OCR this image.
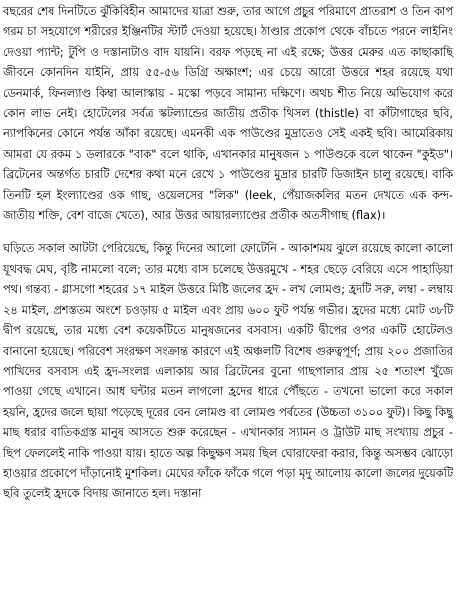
বছরের শেষ দিনটিতে ঝুঁকিবিহীন আমাদের যাত্রা শুরু, তার আগে প্রচুর পরিমাণে প্রাতরাশ ও তিন কাপ গরম চা সহযোগে শরীরের ইঞ্জিনটির স্টার্ট দেওয়া হয়েছে। ঠাণ্ডার প্রকোপ থেকে বাঁচতে পরনে লাইনিং দেওয়া প্যান্ট; টুপি ও দস্তানাটাও বাদ যায়নি। বরফ পড়ছে না এই রক্ষে; উত্তর মেরুর এত কাছাকাছি জীবনে কোনদিন যাইনি, প্রায় ৫৫-৫৬ ডিগ্রি অক্ষাংশ; এর চেয়ে আরো উত্তরে শহর রয়েছে যথা ডেনমার্ক, ফিনল্যাণ্ড কিম্বা আলাস্কায় - মস্কো পড়বে সামান্য দক্ষিণে। অথচ শীত নিয়ে অভিযোগ করে কোন লাভ নেই। হোটেলের সর্বত্র স্কটল্যান্ডের জাতীয় প্রতীক থিসল (thistle) বা কাঁটাগাছের ছবি, ন্যাপকিনের কোনে পর্যন্ত আঁকা রয়েছে। এমনকী এক পাউণ্ডের মুদ্রাতেও সেই একই ছবি। আমেরিকায় আমরা যে রকম ১ ডলারকে "বাক" বলে থাকি, এখানকার মানুষজন ১ পাউণ্ডকে বলে থাকেন "কুইড"। ব্রিটেনের অন্তর্গত চারটি দেশের কথা মনে রেখে ১ পাউণ্ডের মুদ্রার চারটি ডিজাইন চালু রয়েছে। বাকি তিনটি হল ইংল্যাণ্ডের ওক গাছ, ওয়েলসের "লিক" (leek, পেঁয়াজকলির মতন দেখতে এক কন্দ-জাতীয় শক্তি, বেশ বাজে খেতে), আর উত্তর আয়ারল্যাণ্ডের প্রতীক অতসীগাছ (flax)।

ঘড়িতে সকাল আটটা পেরিয়েছে, কিন্তু দিনের আলো ফোটেনি - আকাশময় ঝুলে রয়েছে কালো কালো যূথবদ্ধ মেঘ, বৃষ্টি নামলো বলে; তার মধ্যে বাস চলেছে উত্তরমুখে - শহর ছেড়ে বেরিয়ে এসে পাহাড়িয়া পথ। গন্তব্য - গ্লাসগো শহরের ১৭ মাইল উত্তরে মিষ্টি জলের হ্রদ - লখ লোমণ্ড; হ্রদটি সরু, লম্বা - লম্বায় ২৪ মাইল, প্রশস্ততম অংশে চওড়ায় ৫ মাইল এবং প্রায় ৬০০ ফুট পর্যন্ত গভীর। হ্রদের মধ্যে মোট ৩৮টি দ্বীপ রয়েছে, তার মধ্যে বেশ কয়েকটিতে মানুষজনের বসবাস। একটি দ্বীপের ওপর একটি হোটেলও বানানো হয়েছে। পরিবেশ সংরক্ষণ সংক্রান্ত কারণে এই অঞ্চলটি বিশেষ গুরুত্বপূর্ণ; প্রায় ২০০ প্রজাতির পাখিদের বসবাস এই হ্রদ-সংলগ্ন এলাকায় আর ব্রিটেনের বুনো গাছপালার প্রায় ২৫ শতাংশ খুঁজে পাওয়া গেছে এখানে। আধ ঘন্টার মতন লাগলো হ্রদের ধারে পৌঁছতে - তখনো ভালো করে সকাল হয়নি, হ্রদের জলে ছায়া পড়েছে দূরের বেন লোমণ্ড বা লোমণ্ড পর্বতের (উচ্চতা ৩১০০ ফুট)। কিছু কিছু মাছ ধরার বাতিকগ্রস্ত মানুষ আসতে শুরু করেছেন - এখানকার স্যামন ও ট্রাউট মাছ সংখ্যায় প্রচুর - ছিপ ফেললেই নাকি পাওয়া যায়। হাতে অল্প কিছুক্ষণ সময় ছিল ঘোরাফেরা করার, কিন্তু অসম্ভব ঝোড়ো হাওয়ার প্রকোপে দাঁড়ানোই মুশকিল। মেঘের ফাঁকে ফাঁকে গলে পড়া মৃদু আলোয় কালো জলের দুয়েকটি ছবি তুলেই হ্রদকে বিদায় জানাতে হল। দস্তানা
